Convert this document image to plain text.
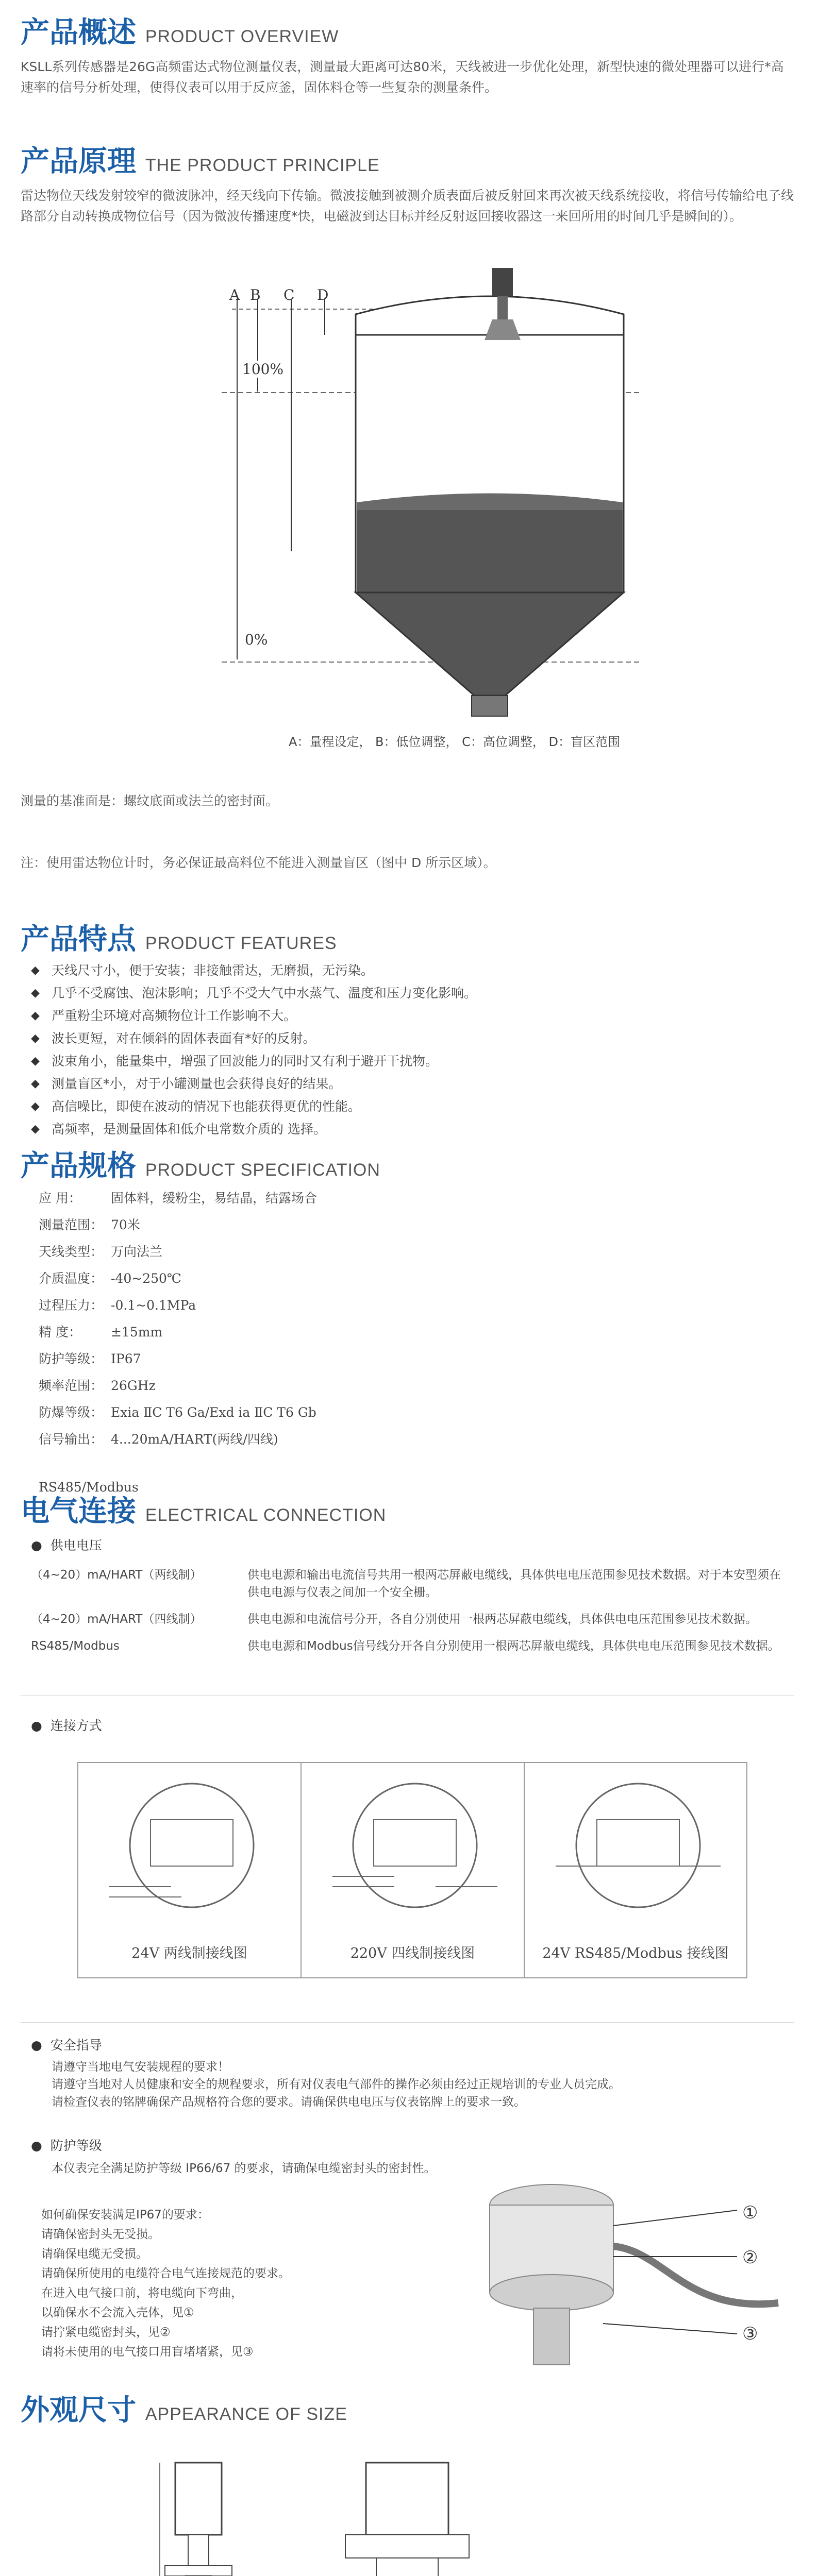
产品概述 PRODUCT OVERVIEW
KSLL系列传感器是26G高频雷达式物位测量仪表，测量最大距离可达80米，天线被进一步优化处理，新型快速的微处理器可以进行*高速率的信号分析处理，使得仪表可以用于反应釜，固体料仓等一些复杂的测量条件。
产品原理 THE PRODUCT PRINCIPLE
雷达物位天线发射较窄的微波脉冲，经天线向下传输。微波接触到被测介质表面后被反射回来再次被天线系统接收，将信号传输给电子线路部分自动转换成物位信号（因为微波传播速度*快，电磁波到达目标并经反射返回接收器这一来回所用的时间几乎是瞬间的）。
A B C D
100%
0%
A：量程设定， B：低位调整， C：高位调整， D：盲区范围
测量的基准面是：螺纹底面或法兰的密封面。
注：使用雷达物位计时，务必保证最高料位不能进入测量盲区（图中 D 所示区域）。
产品特点 PRODUCT FEATURES
◆ 天线尺寸小，便于安装；非接触雷达，无磨损，无污染。
◆ 几乎不受腐蚀、泡沫影响；几乎不受大气中水蒸气、温度和压力变化影响。
◆ 严重粉尘环境对高频物位计工作影响不大。
◆ 波长更短，对在倾斜的固体表面有*好的反射。
◆ 波束角小，能量集中，增强了回波能力的同时又有利于避开干扰物。
◆ 测量盲区*小，对于小罐测量也会获得良好的结果。
◆ 高信噪比，即使在波动的情况下也能获得更优的性能。
◆ 高频率，是测量固体和低介电常数介质的 选择。
产品规格 PRODUCT SPECIFICATION
应 用：	固体料，缓粉尘，易结晶，结露场合
测量范围： 70米
天线类型： 万向法兰
介质温度： -40~250℃
过程压力： -0.1~0.1MPa
精 度：	±15mm
防护等级： IP67
频率范围： 26GHz
防爆等级： Exia ⅡC T6 Ga/Exd ia ⅡC T6 Gb
信号输出： 4...20mA/HART(两线/四线)
RS485/Modbus
电气连接 ELECTRICAL CONNECTION
●  供电电压
（4~20）mA/HART（两线制）	供电电源和输出电流信号共用一根两芯屏蔽电缆线，具体供电电压范围参见技术数据。对于本安型须在供电电源与仪表之间加一个安全栅。
（4~20）mA/HART（四线制）	供电电源和电流信号分开，各自分别使用一根两芯屏蔽电缆线，具体供电电压范围参见技术数据。
RS485/Modbus	供电电源和Modbus信号线分开各自分别使用一根两芯屏蔽电缆线，具体供电电压范围参见技术数据。
●  连接方式
24V 两线制接线图	220V 四线制接线图	24V RS485/Modbus 接线图
●  安全指导
请遵守当地电气安装规程的要求！
请遵守当地对人员健康和安全的规程要求，所有对仪表电气部件的操作必须由经过正规培训的专业人员完成。
请检查仪表的铭牌确保产品规格符合您的要求。请确保供电电压与仪表铭牌上的要求一致。
●  防护等级
本仪表完全满足防护等级 IP66/67 的要求，请确保电缆密封头的密封性。
如何确保安装满足IP67的要求：
请确保密封头无受损。
请确保电缆无受损。
请确保所使用的电缆符合电气连接规范的要求。
在进入电气接口前，将电缆向下弯曲，
以确保水不会流入壳体，见①
请拧紧电缆密封头，见②
请将未使用的电气接口用盲堵堵紧，见③
①
②
③
外观尺寸 APPEARANCE OF SIZE
